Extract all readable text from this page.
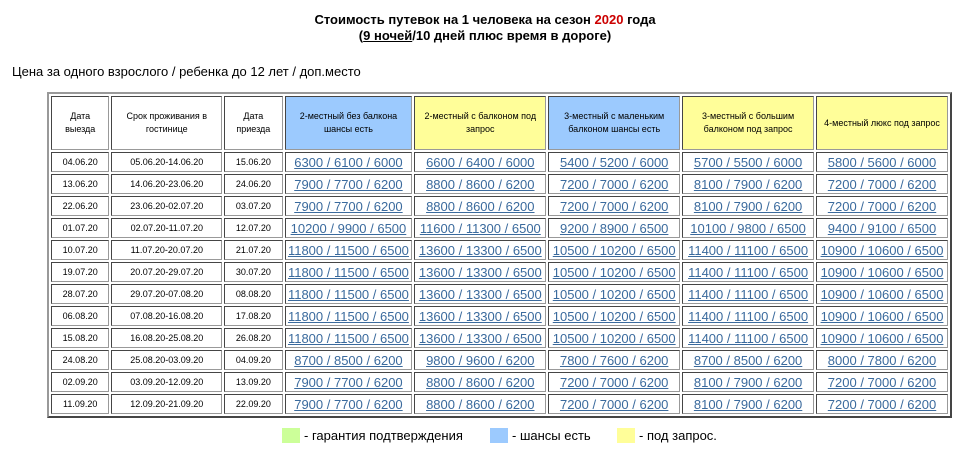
Стоимость путевок на 1 человека на сезон 2020 года
(9 ночей/10 дней плюс время в дороге)
Цена за одного взрослого / ребенка до 12 лет / доп.место
Дата выезда	Срок проживания в гостинице	Дата приезда	2-местный без балкона шансы есть	2-местный с балконом под запрос	3-местный с маленьким балконом шансы есть	3-местный с большим балконом под запрос	4-местный люкс под запрос
04.06.20	05.06.20-14.06.20	15.06.20	6300 / 6100 / 6000	6600 / 6400 / 6000	5400 / 5200 / 6000	5700 / 5500 / 6000	5800 / 5600 / 6000
13.06.20	14.06.20-23.06.20	24.06.20	7900 / 7700 / 6200	8800 / 8600 / 6200	7200 / 7000 / 6200	8100 / 7900 / 6200	7200 / 7000 / 6200
22.06.20	23.06.20-02.07.20	03.07.20	7900 / 7700 / 6200	8800 / 8600 / 6200	7200 / 7000 / 6200	8100 / 7900 / 6200	7200 / 7000 / 6200
01.07.20	02.07.20-11.07.20	12.07.20	10200 / 9900 / 6500	11600 / 11300 / 6500	9200 / 8900 / 6500	10100 / 9800 / 6500	9400 / 9100 / 6500
10.07.20	11.07.20-20.07.20	21.07.20	11800 / 11500 / 6500	13600 / 13300 / 6500	10500 / 10200 / 6500	11400 / 11100 / 6500	10900 / 10600 / 6500
19.07.20	20.07.20-29.07.20	30.07.20	11800 / 11500 / 6500	13600 / 13300 / 6500	10500 / 10200 / 6500	11400 / 11100 / 6500	10900 / 10600 / 6500
28.07.20	29.07.20-07.08.20	08.08.20	11800 / 11500 / 6500	13600 / 13300 / 6500	10500 / 10200 / 6500	11400 / 11100 / 6500	10900 / 10600 / 6500
06.08.20	07.08.20-16.08.20	17.08.20	11800 / 11500 / 6500	13600 / 13300 / 6500	10500 / 10200 / 6500	11400 / 11100 / 6500	10900 / 10600 / 6500
15.08.20	16.08.20-25.08.20	26.08.20	11800 / 11500 / 6500	13600 / 13300 / 6500	10500 / 10200 / 6500	11400 / 11100 / 6500	10900 / 10600 / 6500
24.08.20	25.08.20-03.09.20	04.09.20	8700 / 8500 / 6200	9800 / 9600 / 6200	7800 / 7600 / 6200	8700 / 8500 / 6200	8000 / 7800 / 6200
02.09.20	03.09.20-12.09.20	13.09.20	7900 / 7700 / 6200	8800 / 8600 / 6200	7200 / 7000 / 6200	8100 / 7900 / 6200	7200 / 7000 / 6200
11.09.20	12.09.20-21.09.20	22.09.20	7900 / 7700 / 6200	8800 / 8600 / 6200	7200 / 7000 / 6200	8100 / 7900 / 6200	7200 / 7000 / 6200
- гарантия подтверждения	- шансы есть	- под запрос.
